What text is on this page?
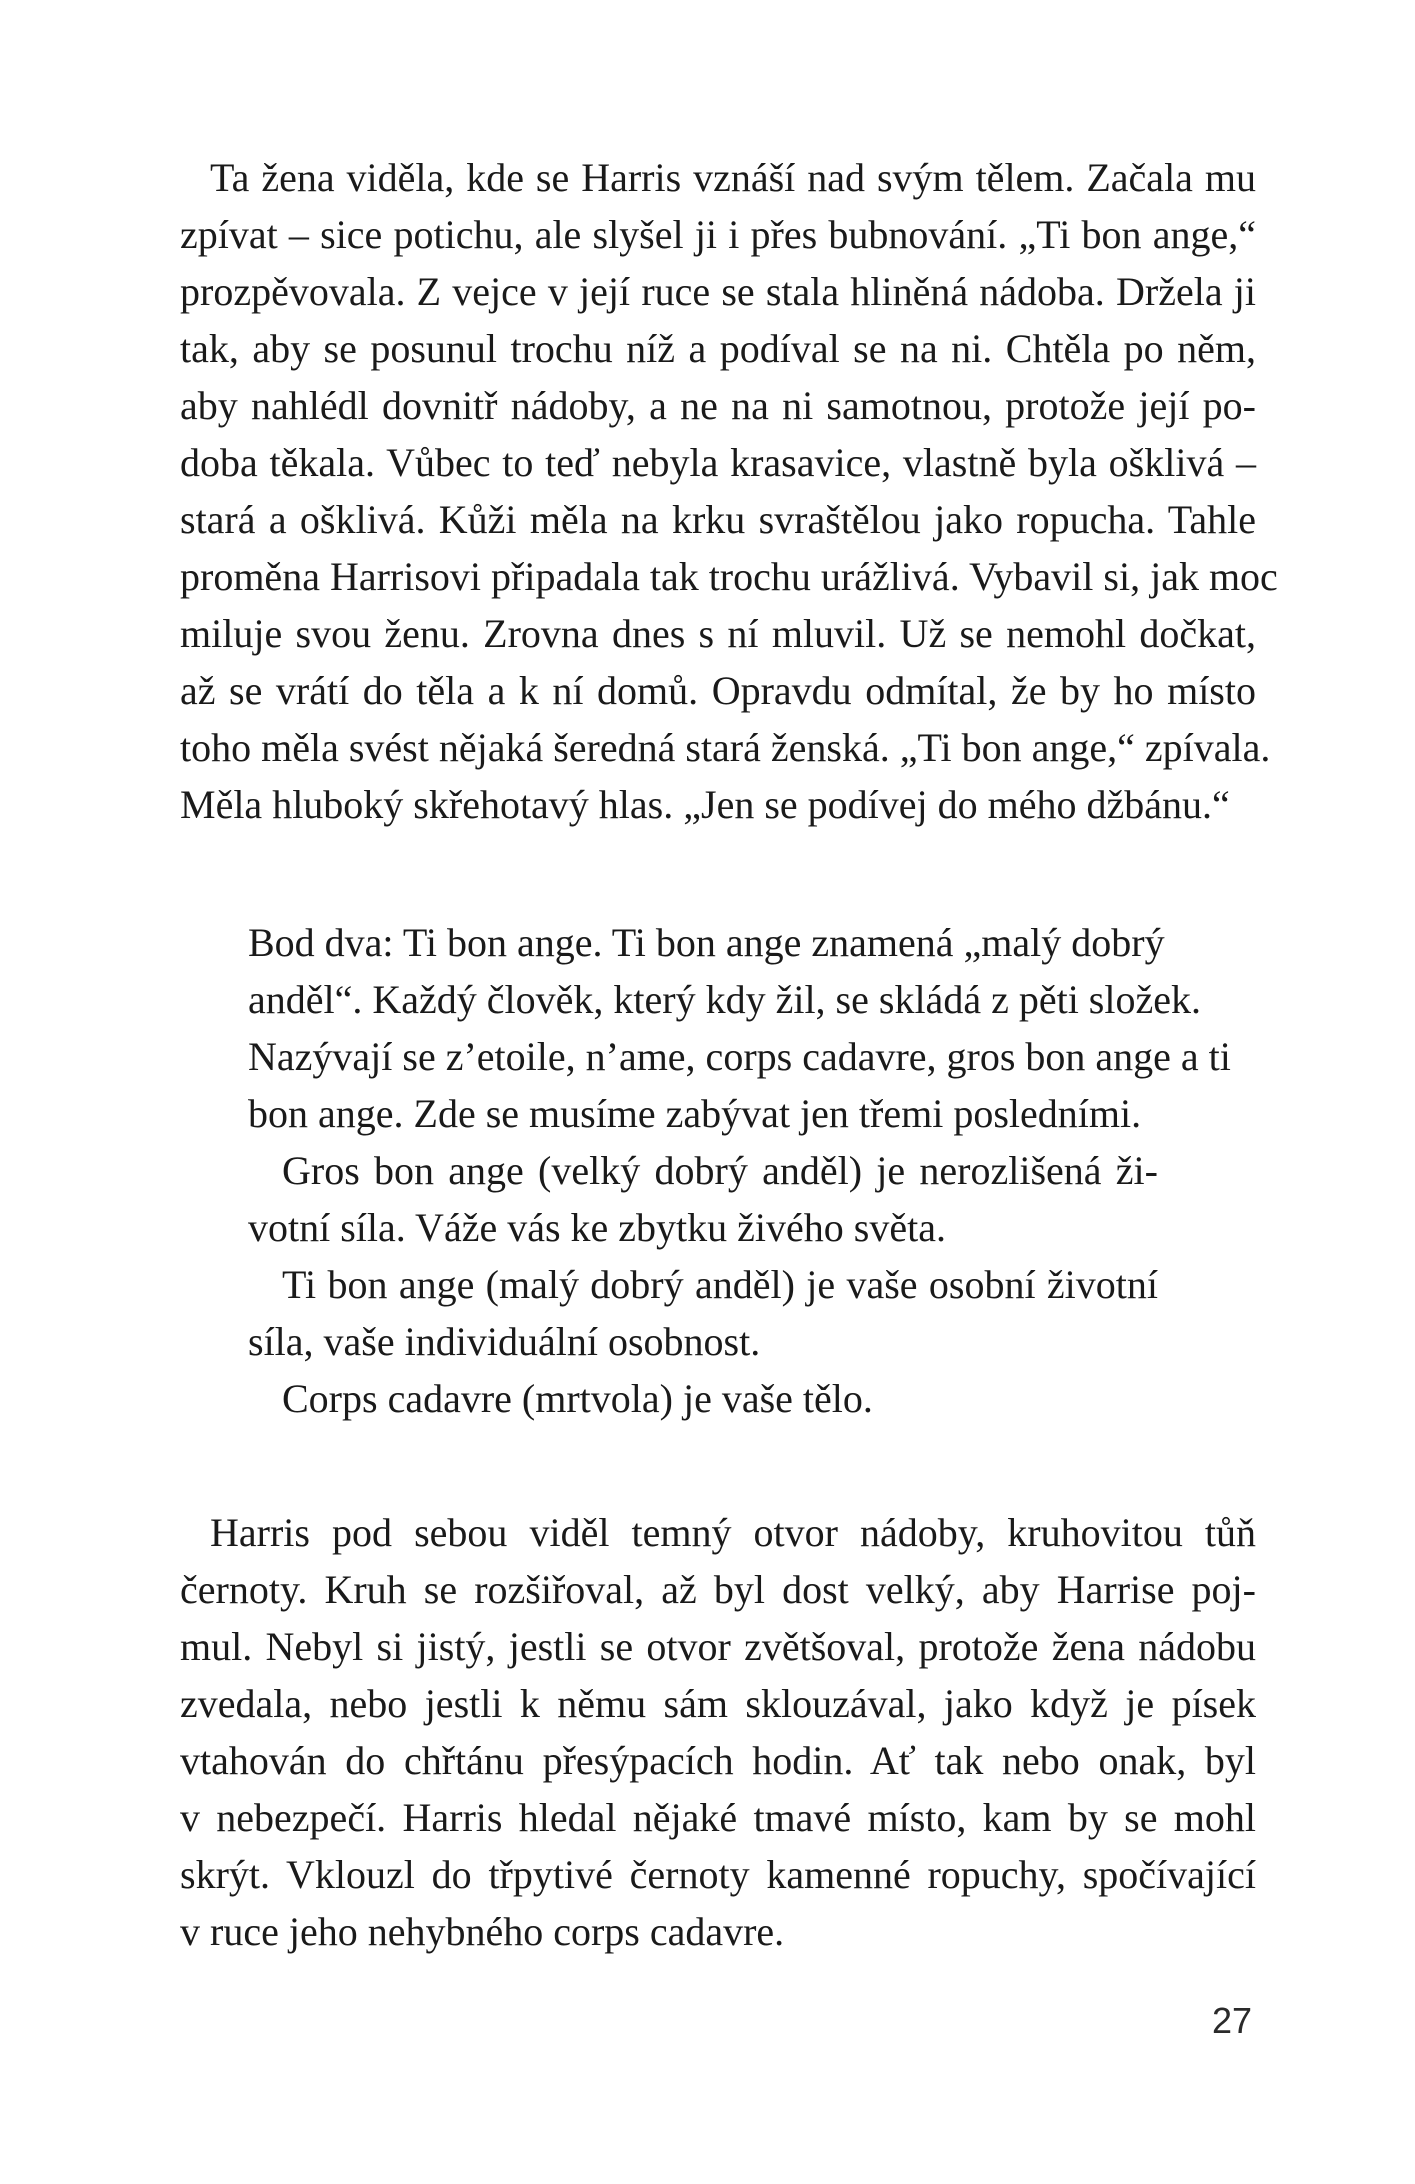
Ta žena viděla, kde se Harris vznáší nad svým tělem. Začala mu

zpívat – sice potichu, ale slyšel ji i přes bubnování. „Ti bon ange,“

prozpěvovala. Z vejce v její ruce se stala hliněná nádoba. Držela ji

tak, aby se posunul trochu níž a podíval se na ni. Chtěla po něm,

aby nahlédl dovnitř nádoby, a ne na ni samotnou, protože její po-

doba těkala. Vůbec to teď nebyla krasavice, vlastně byla ošklivá –

stará a ošklivá. Kůži měla na krku svraštělou jako ropucha. Tahle

proměna Harrisovi připadala tak trochu urážlivá. Vybavil si, jak moc

miluje svou ženu. Zrovna dnes s ní mluvil. Už se nemohl dočkat,

až se vrátí do těla a k ní domů. Opravdu odmítal, že by ho místo

toho měla svést nějaká šeredná stará ženská. „Ti bon ange,“ zpívala.

Měla hluboký skřehotavý hlas. „Jen se podívej do mého džbánu.“

Bod dva: Ti bon ange. Ti bon ange znamená „malý dobrý

anděl“. Každý člověk, který kdy žil, se skládá z pěti složek.

Nazývají se z’etoile, n’ame, corps cadavre, gros bon ange a ti

bon ange. Zde se musíme zabývat jen třemi posledními.

Gros bon ange (velký dobrý anděl) je nerozlišená ži-

votní síla. Váže vás ke zbytku živého světa.

Ti bon ange (malý dobrý anděl) je vaše osobní životní

síla, vaše individuální osobnost.

Corps cadavre (mrtvola) je vaše tělo.

Harris pod sebou viděl temný otvor nádoby, kruhovitou tůň

černoty. Kruh se rozšiřoval, až byl dost velký, aby Harrise poj-

mul. Nebyl si jistý, jestli se otvor zvětšoval, protože žena nádobu

zvedala, nebo jestli k němu sám sklouzával, jako když je písek

vtahován do chřtánu přesýpacích hodin. Ať tak nebo onak, byl

v nebezpečí. Harris hledal nějaké tmavé místo, kam by se mohl

skrýt. Vklouzl do třpytivé černoty kamenné ropuchy, spočívající

v ruce jeho nehybného corps cadavre.

27
